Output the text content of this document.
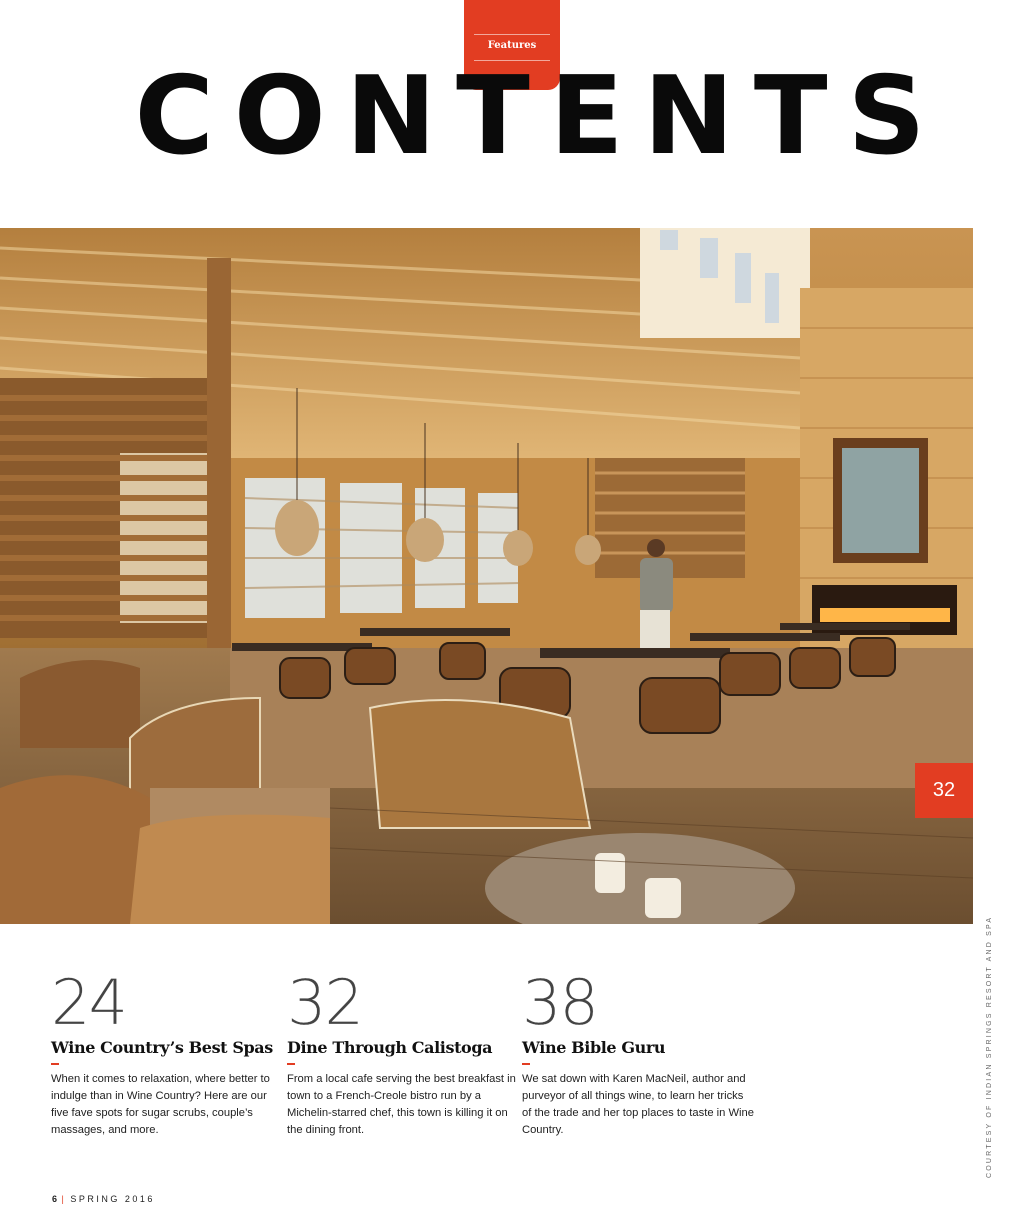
Features
CONTENTS
32
COURTESY OF INDIAN SPRINGS RESORT AND SPA
24
Wine Country’s Best Spas
When it comes to relaxation, where better to indulge than in Wine Country? Here are our five fave spots for sugar scrubs, couple’s massages, and more.
32
Dine Through Calistoga
From a local cafe serving the best breakfast in town to a French-Creole bistro run by a Michelin-starred chef, this town is killing it on the dining front.
38
Wine Bible Guru
We sat down with Karen MacNeil, author and purveyor of all things wine, to learn her tricks of the trade and her top places to taste in Wine Country.
6 | SPRING 2016
